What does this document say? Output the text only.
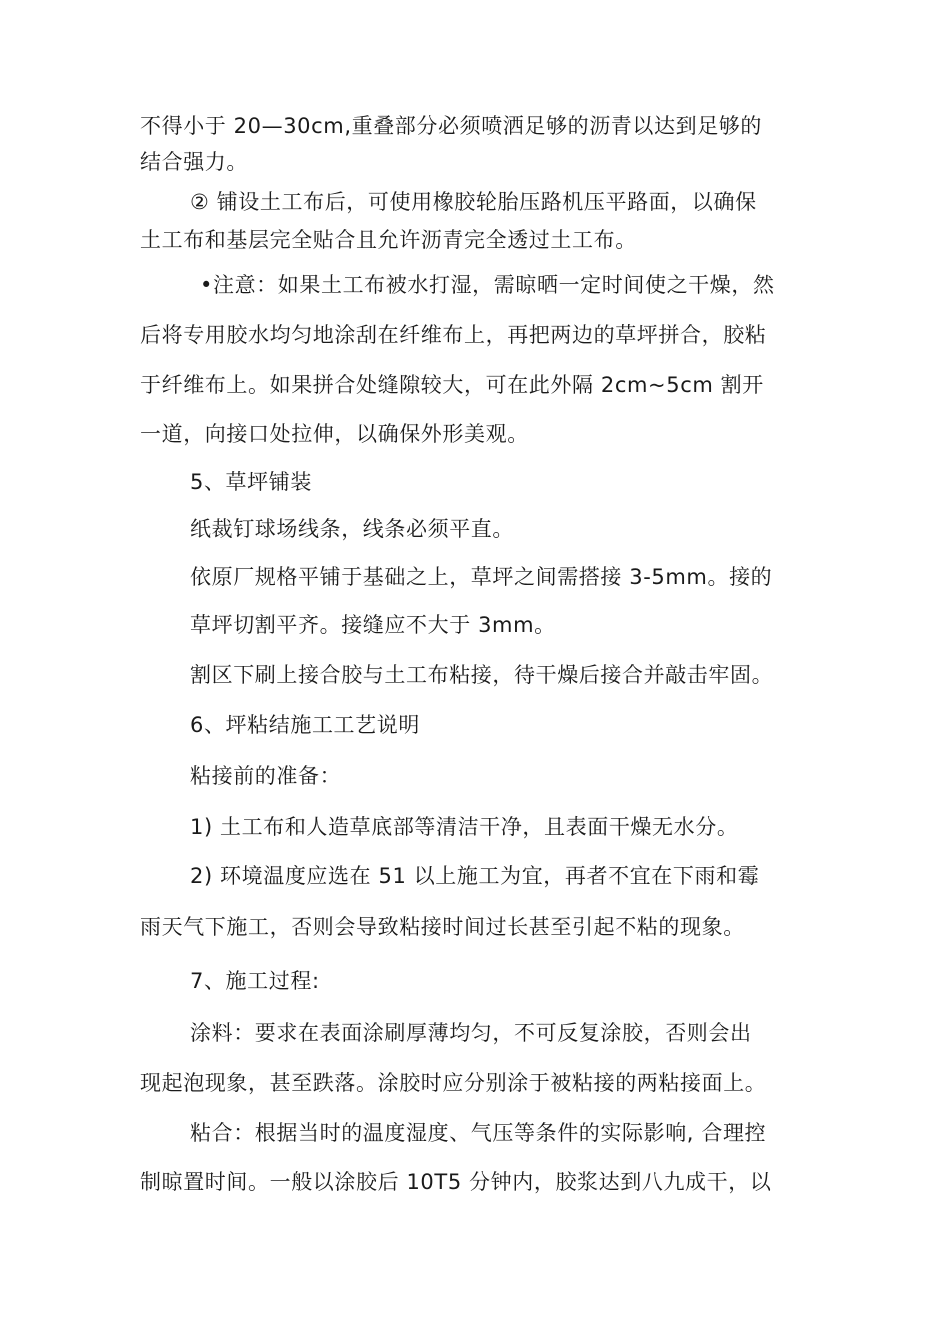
不得小于 20—30cm,重叠部分必须喷洒足够的沥青以达到足够的
结合强力。
② 铺设土工布后，可使用橡胶轮胎压路机压平路面，以确保
土工布和基层完全贴合且允许沥青完全透过土工布。
•注意：如果土工布被水打湿，需晾晒一定时间使之干燥，然
后将专用胶水均匀地涂刮在纤维布上，再把两边的草坪拼合，胶粘
于纤维布上。如果拼合处缝隙较大，可在此外隔 2cm~5cm 割开
一道，向接口处拉伸，以确保外形美观。
5、草坪铺装
纸裁钉球场线条，线条必须平直。
依原厂规格平铺于基础之上，草坪之间需搭接 3-5mm。接的
草坪切割平齐。接缝应不大于 3mm。
割区下刷上接合胶与土工布粘接，待干燥后接合并敲击牢固。
6、坪粘结施工工艺说明
粘接前的准备：
1) 土工布和人造草底部等清洁干净，且表面干燥无水分。
2) 环境温度应选在 51 以上施工为宜，再者不宜在下雨和霉
雨天气下施工，否则会导致粘接时间过长甚至引起不粘的现象。
7、施工过程:
涂料：要求在表面涂刷厚薄均匀，不可反复涂胶，否则会出
现起泡现象，甚至跌落。涂胶时应分别涂于被粘接的两粘接面上。
粘合：根据当时的温度湿度、气压等条件的实际影响, 合理控
制晾置时间。一般以涂胶后 10T5 分钟内，胶浆达到八九成干，以
